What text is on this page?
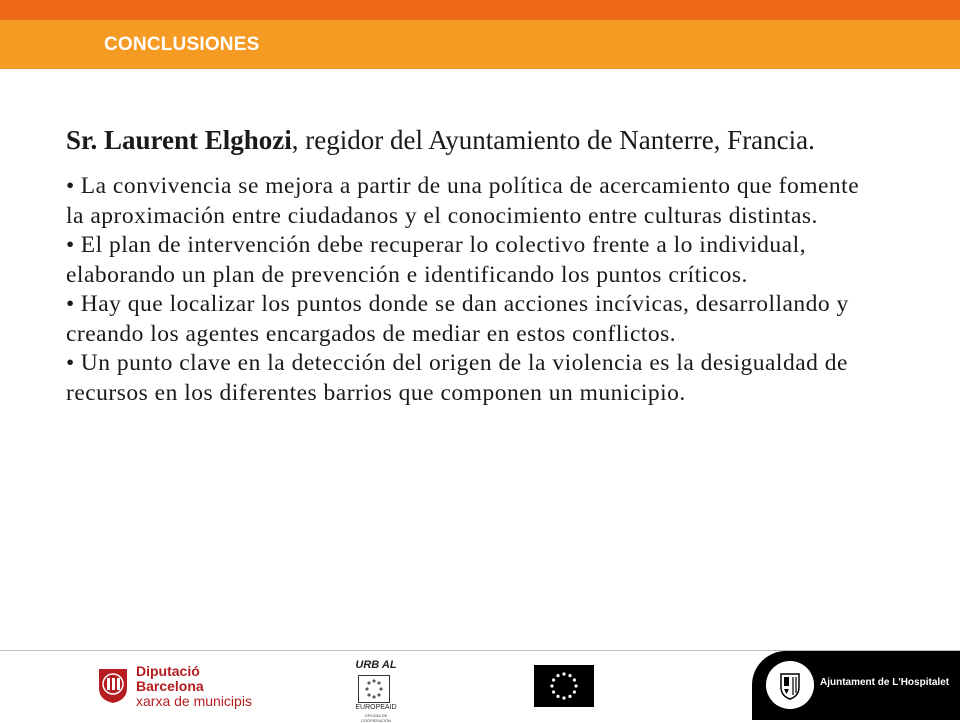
CONCLUSIONES

Sr. Laurent Elghozi, regidor del Ayuntamiento de Nanterre, Francia.

• La convivencia se mejora a partir de una política de acercamiento que fomente la aproximación entre ciudadanos y el conocimiento entre culturas distintas.
• El plan de intervención debe recuperar lo colectivo frente a lo individual, elaborando un plan de prevención e identificando los puntos críticos.
• Hay que localizar los puntos donde se dan acciones incívicas, desarrollando y creando los agentes encargados de mediar en estos conflictos.
• Un punto clave en la detección del origen de la violencia es la desigualdad de recursos en los diferentes barrios que componen un municipio.
Diputació
Barcelona
xarxa de municipis
URB AL
EUROPEAID
OFICINA DE COOPERACIÓN
Ajuntament de L'Hospitalet
